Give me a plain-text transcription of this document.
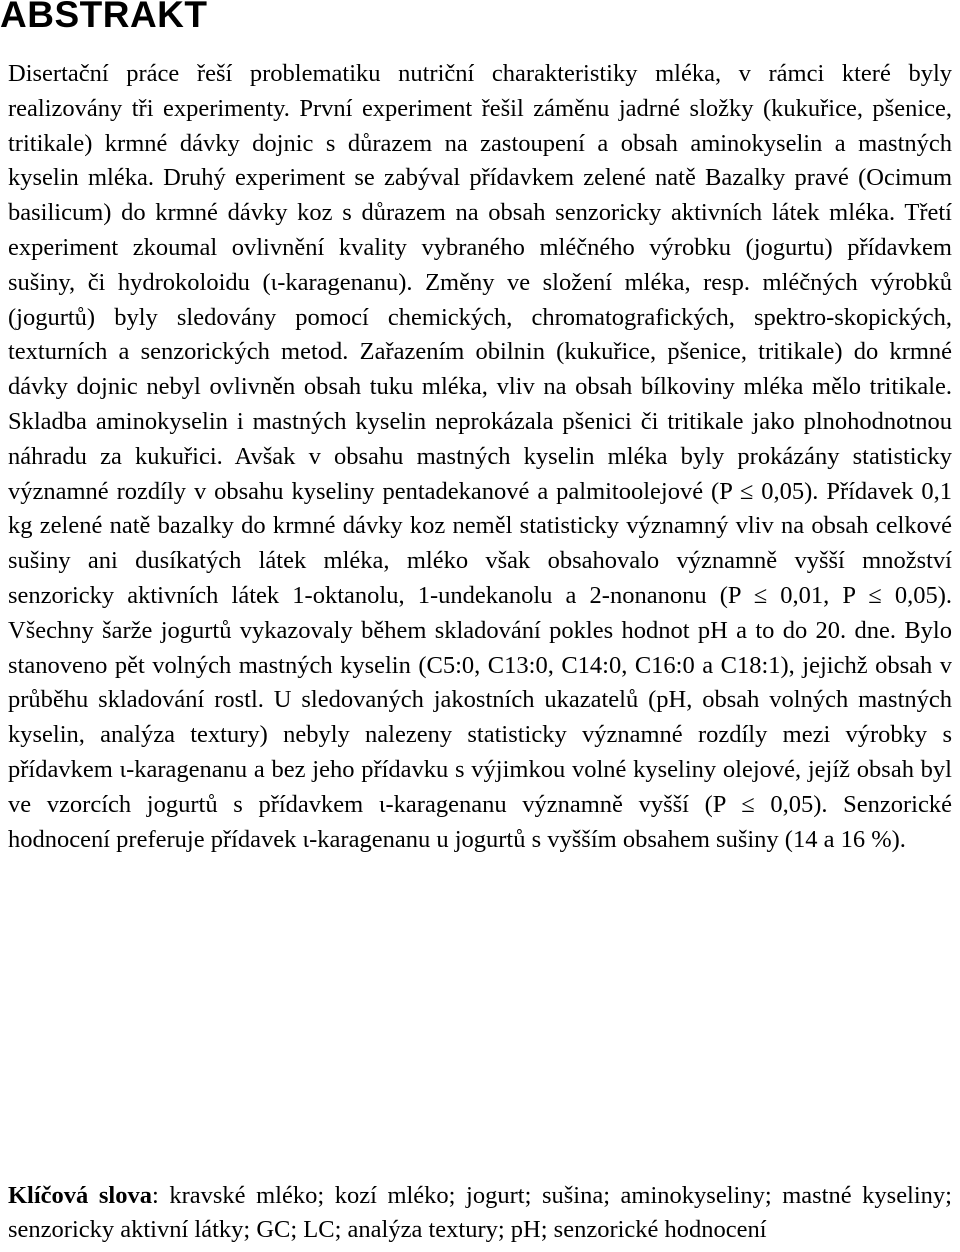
ABSTRAKT

Disertační práce řeší problematiku nutriční charakteristiky mléka, v rámci které byly realizovány tři experimenty. První experiment řešil záměnu jadrné složky (kukuřice, pšenice, tritikale) krmné dávky dojnic s důrazem na zastoupení a obsah aminokyselin a mastných kyselin mléka. Druhý experiment se zabýval přídavkem zelené natě Bazalky pravé (Ocimum basilicum) do krmné dávky koz s důrazem na obsah senzoricky aktivních látek mléka. Třetí experiment zkoumal ovlivnění kvality vybraného mléčného výrobku (jogurtu) přídavkem sušiny, či hydrokoloidu (ι-karagenanu). Změny ve složení mléka, resp. mléčných výrobků (jogurtů) byly sledovány pomocí chemických, chromatografických, spektro-skopických, texturních a senzorických metod. Zařazením obilnin (kukuřice, pšenice, tritikale) do krmné dávky dojnic nebyl ovlivněn obsah tuku mléka, vliv na obsah bílkoviny mléka mělo tritikale. Skladba aminokyselin i mastných kyselin neprokázala pšenici či tritikale jako plnohodnotnou náhradu za kukuřici. Avšak v obsahu mastných kyselin mléka byly prokázány statisticky významné rozdíly v obsahu kyseliny pentadekanové a palmitoolejové (P ≤ 0,05). Přídavek 0,1 kg zelené natě bazalky do krmné dávky koz neměl statisticky významný vliv na obsah celkové sušiny ani dusíkatých látek mléka, mléko však obsahovalo významně vyšší množství senzoricky aktivních látek 1-oktanolu, 1-undekanolu a 2-nonanonu (P ≤ 0,01, P ≤ 0,05). Všechny šarže jogurtů vykazovaly během skladování pokles hodnot pH a to do 20. dne. Bylo stanoveno pět volných mastných kyselin (C5:0, C13:0, C14:0, C16:0 a C18:1), jejichž obsah v průběhu skladování rostl. U sledovaných jakostních ukazatelů (pH, obsah volných mastných kyselin, analýza textury) nebyly nalezeny statisticky významné rozdíly mezi výrobky s přídavkem ι-karagenanu a bez jeho přídavku s výjimkou volné kyseliny olejové, jejíž obsah byl ve vzorcích jogurtů s přídavkem ι-karagenanu významně vyšší (P ≤ 0,05). Senzorické hodnocení preferuje přídavek ι-karagenanu u jogurtů s vyšším obsahem sušiny (14 a 16 %).

Klíčová slova: kravské mléko; kozí mléko; jogurt; sušina; aminokyseliny; mastné kyseliny; senzoricky aktivní látky; GC; LC; analýza textury; pH; senzorické hodnocení
